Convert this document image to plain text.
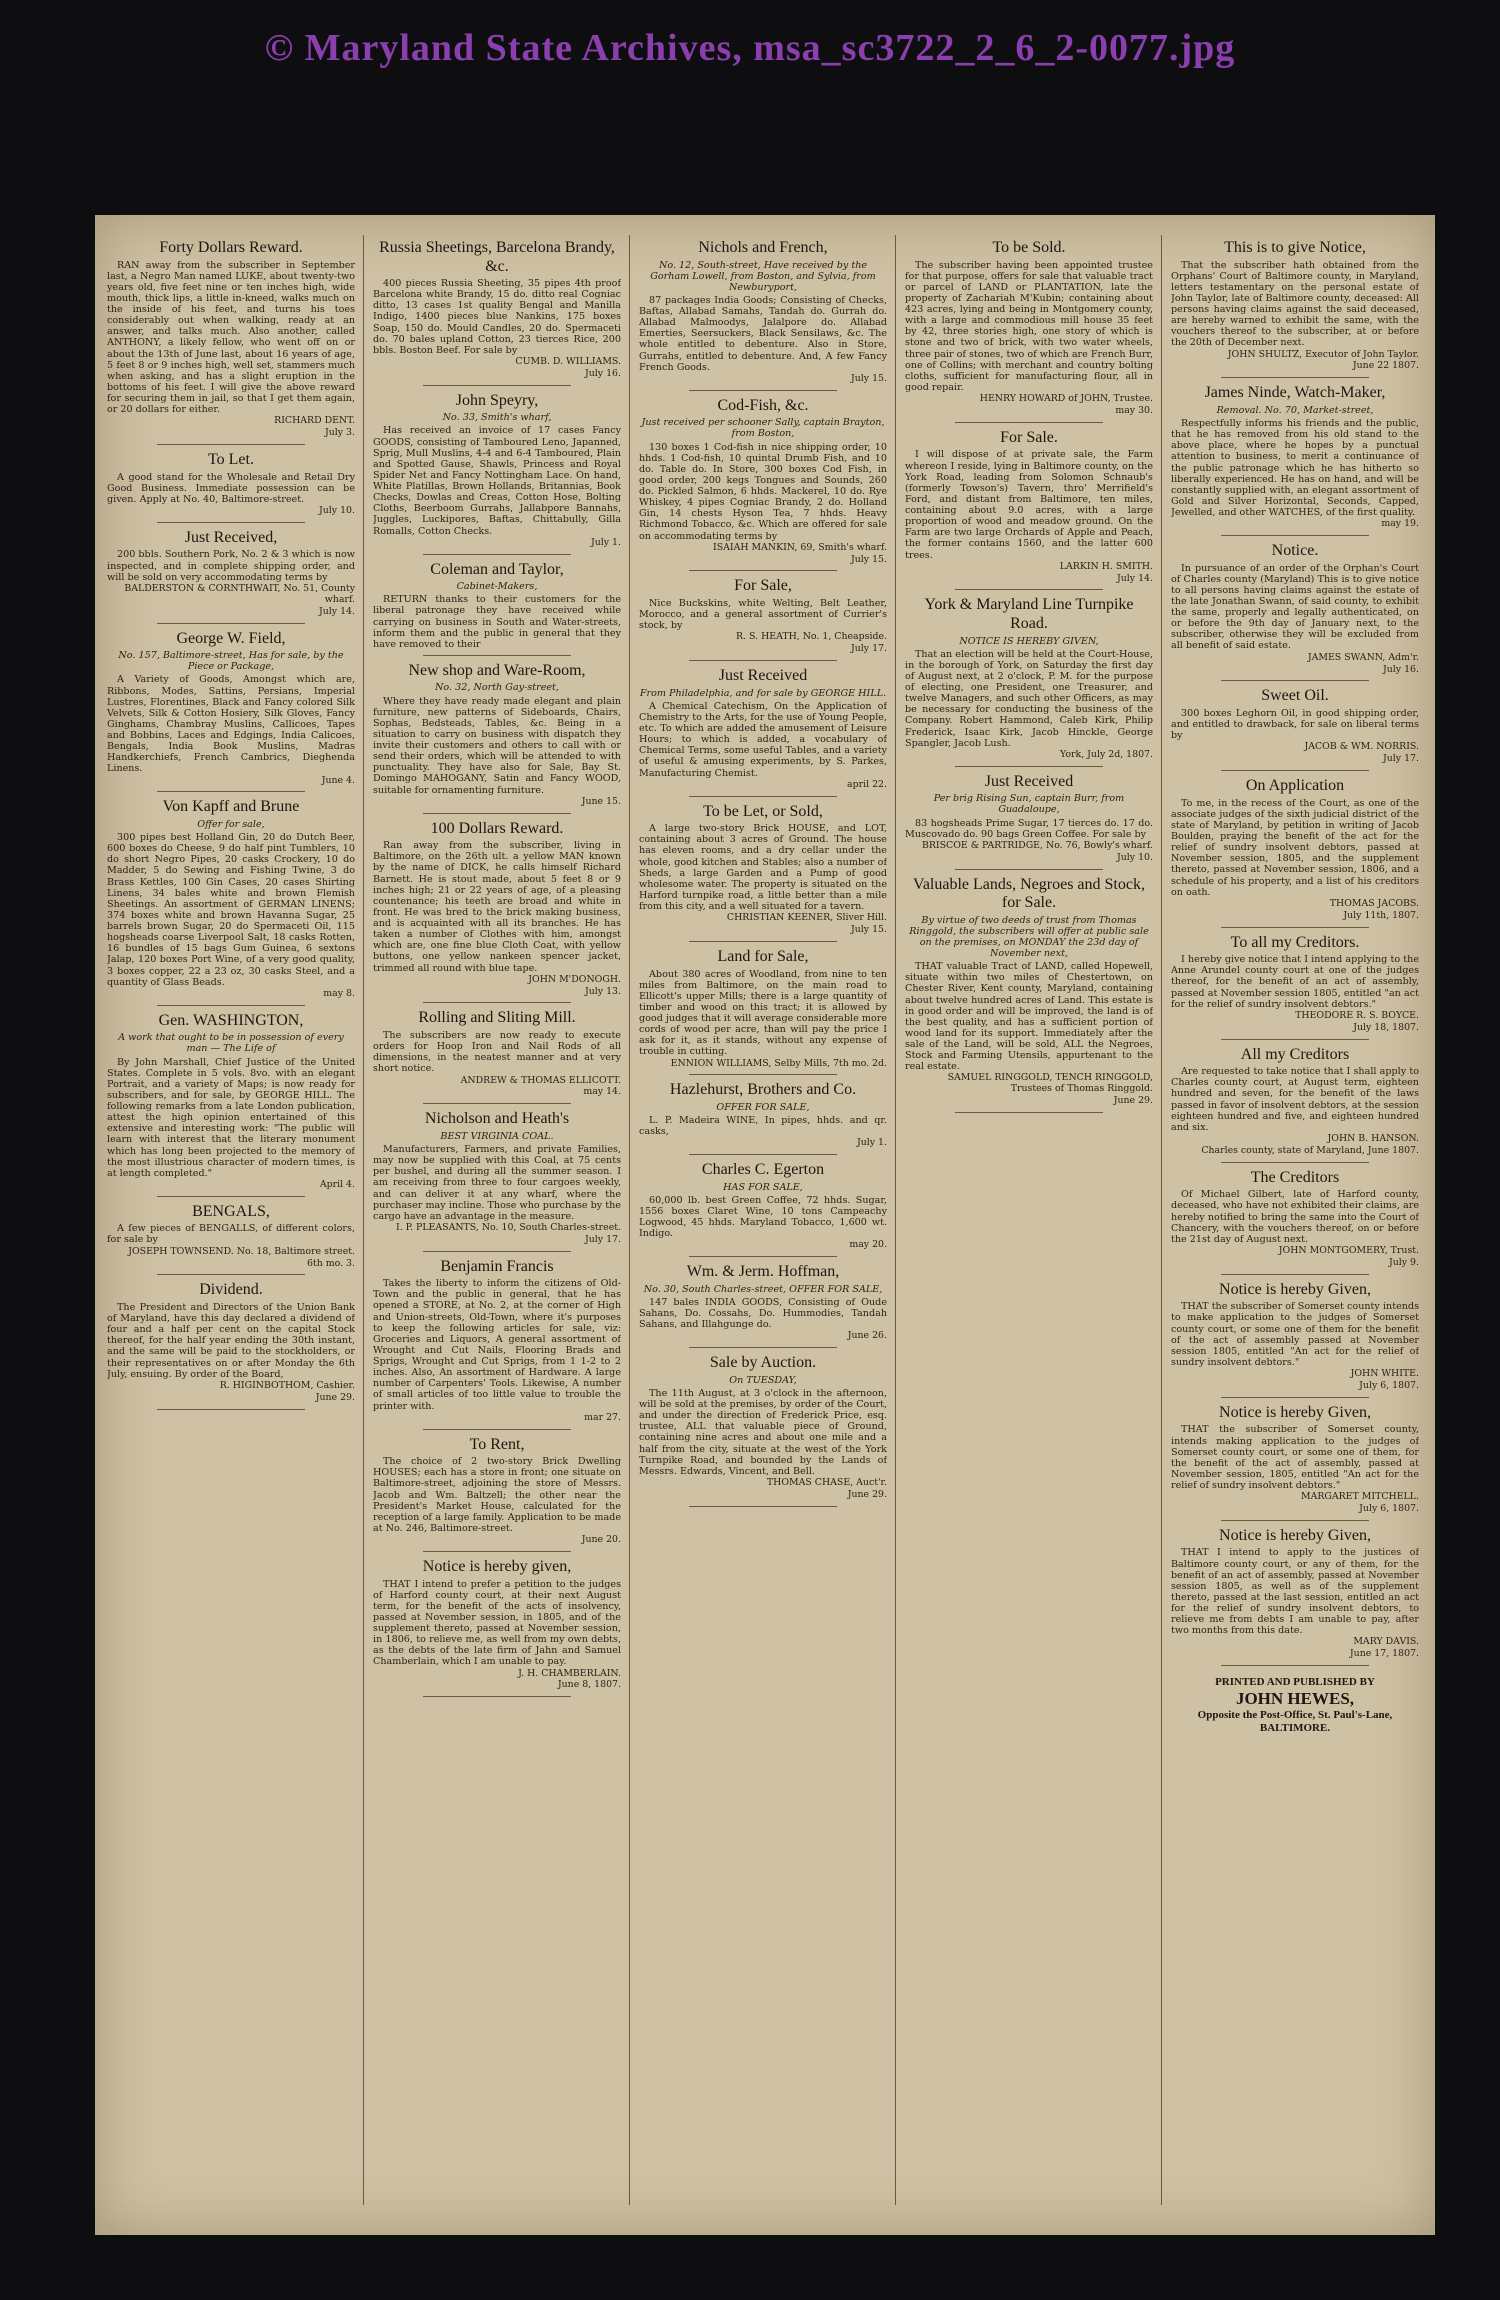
© Maryland State Archives, msa_sc3722_2_6_2-0077.jpg
Forty Dollars Reward.

RAN away from the subscriber in September last, a Negro Man named LUKE, about twenty-two years old, five feet nine or ten inches high, wide mouth, thick lips, a little in-kneed, walks much on the inside of his feet, and turns his toes considerably out when walking, ready at an answer, and talks much. Also another, called ANTHONY, a likely fellow, who went off on or about the 13th of June last, about 16 years of age, 5 feet 8 or 9 inches high, well set, stammers much when asking, and has a slight eruption in the bottoms of his feet. I will give the above reward for securing them in jail, so that I get them again, or 20 dollars for either.

RICHARD DENT.
July 3.
To Let.

A good stand for the Wholesale and Retail Dry Good Business. Immediate possession can be given. Apply at No. 40, Baltimore-street.

July 10.
Just Received,

200 bbls. Southern Pork, No. 2 & 3 which is now inspected, and in complete shipping order, and will be sold on very accommodating terms by

BALDERSTON & CORNTHWAIT, No. 51, County wharf.
July 14.
George W. Field,
No. 157, Baltimore-street, Has for sale, by the Piece or Package,

A Variety of Goods, Amongst which are, Ribbons, Modes, Sattins, Persians, Imperial Lustres, Florentines, Black and Fancy colored Silk Velvets, Silk & Cotton Hosiery, Silk Gloves, Fancy Ginghams, Chambray Muslins, Callicoes, Tapes and Bobbins, Laces and Edgings, India Calicoes, Bengals, India Book Muslins, Madras Handkerchiefs, French Cambrics, Dieghenda Linens.

June 4.
Von Kapff and Brune
Offer for sale,

300 pipes best Holland Gin, 20 do Dutch Beer, 600 boxes do Cheese, 9 do half pint Tumblers, 10 do short Negro Pipes, 20 casks Crockery, 10 do Madder, 5 do Sewing and Fishing Twine, 3 do Brass Kettles, 100 Gin Cases, 20 cases Shirting Linens, 34 bales white and brown Flemish Sheetings. An assortment of GERMAN LINENS; 374 boxes white and brown Havanna Sugar, 25 barrels brown Sugar, 20 do Spermaceti Oil, 115 hogsheads coarse Liverpool Salt, 18 casks Rotten, 16 bundles of 15 bags Gum Guinea, 6 sextons Jalap, 120 boxes Port Wine, of a very good quality, 3 boxes copper, 22 a 23 oz, 30 casks Steel, and a quantity of Glass Beads.

may 8.
Gen. WASHINGTON,
A work that ought to be in possession of every man — The Life of

By John Marshall, Chief Justice of the United States. Complete in 5 vols. 8vo. with an elegant Portrait, and a variety of Maps; is now ready for subscribers, and for sale, by GEORGE HILL. The following remarks from a late London publication, attest the high opinion entertained of this extensive and interesting work: "The public will learn with interest that the literary monument which has long been projected to the memory of the most illustrious character of modern times, is at length completed."

April 4.
BENGALS,

A few pieces of BENGALLS, of different colors, for sale by

JOSEPH TOWNSEND. No. 18, Baltimore street.
6th mo. 3.
Dividend.

The President and Directors of the Union Bank of Maryland, have this day declared a dividend of four and a half per cent on the capital Stock thereof, for the half year ending the 30th instant, and the same will be paid to the stockholders, or their representatives on or after Monday the 6th July, ensuing. By order of the Board,

R. HIGINBOTHOM, Cashier.
June 29.
Russia Sheetings, Barcelona Brandy, &c.

400 pieces Russia Sheeting, 35 pipes 4th proof Barcelona white Brandy, 15 do. ditto real Cogniac ditto, 13 cases 1st quality Bengal and Manilla Indigo, 1400 pieces blue Nankins, 175 boxes Soap, 150 do. Mould Candles, 20 do. Spermaceti do. 70 bales upland Cotton, 23 tierces Rice, 200 bbls. Boston Beef. For sale by

CUMB. D. WILLIAMS.
July 16.
John Speyry,
No. 33, Smith's wharf,

Has received an invoice of 17 cases Fancy GOODS, consisting of Tamboured Leno, Japanned, Sprig, Mull Muslins, 4-4 and 6-4 Tamboured, Plain and Spotted Gause, Shawls, Princess and Royal Spider Net and Fancy Nottingham Lace. On hand, White Platillas, Brown Hollands, Britannias, Book Checks, Dowlas and Creas, Cotton Hose, Bolting Cloths, Beerboom Gurrahs, Jallabpore Bannahs, Juggles, Luckipores, Baftas, Chittabully, Gilla Romalls, Cotton Checks.

July 1.
Coleman and Taylor,
Cabinet-Makers,

RETURN thanks to their customers for the liberal patronage they have received while carrying on business in South and Water-streets, inform them and the public in general that they have removed to their

New shop and Ware-Room,
No. 32, North Gay-street,

Where they have ready made elegant and plain furniture, new patterns of Sideboards, Chairs, Sophas, Bedsteads, Tables, &c. Being in a situation to carry on business with dispatch they invite their customers and others to call with or send their orders, which will be attended to with punctuality. They have also for Sale, Bay St. Domingo MAHOGANY, Satin and Fancy WOOD, suitable for ornamenting furniture.

June 15.
100 Dollars Reward.

Ran away from the subscriber, living in Baltimore, on the 26th ult. a yellow MAN known by the name of DICK, he calls himself Richard Barnett. He is stout made, about 5 feet 8 or 9 inches high; 21 or 22 years of age, of a pleasing countenance; his teeth are broad and white in front. He was bred to the brick making business, and is acquainted with all its branches. He has taken a number of Clothes with him, amongst which are, one fine blue Cloth Coat, with yellow buttons, one yellow nankeen spencer jacket, trimmed all round with blue tape.

JOHN M'DONOGH.
July 13.
Rolling and Sliting Mill.

The subscribers are now ready to execute orders for Hoop Iron and Nail Rods of all dimensions, in the neatest manner and at very short notice.

ANDREW & THOMAS ELLICOTT.
may 14.
Nicholson and Heath's
BEST VIRGINIA COAL.

Manufacturers, Farmers, and private Families, may now be supplied with this Coal, at 75 cents per bushel, and during all the summer season. I am receiving from three to four cargoes weekly, and can deliver it at any wharf, where the purchaser may incline. Those who purchase by the cargo have an advantage in the measure.

I. P. PLEASANTS, No. 10, South Charles-street.
July 17.
Benjamin Francis

Takes the liberty to inform the citizens of Old-Town and the public in general, that he has opened a STORE, at No. 2, at the corner of High and Union-streets, Old-Town, where it's purposes to keep the following articles for sale, viz: Groceries and Liquors, A general assortment of Wrought and Cut Nails, Flooring Brads and Sprigs, Wrought and Cut Sprigs, from 1 1-2 to 2 inches. Also, An assortment of Hardware. A large number of Carpenters' Tools. Likewise, A number of small articles of too little value to trouble the printer with.

mar 27.
To Rent,

The choice of 2 two-story Brick Dwelling HOUSES; each has a store in front; one situate on Baltimore-street, adjoining the store of Messrs. Jacob and Wm. Baltzell; the other near the President's Market House, calculated for the reception of a large family. Application to be made at No. 246, Baltimore-street.

June 20.
Notice is hereby given,

THAT I intend to prefer a petition to the judges of Harford county court, at their next August term, for the benefit of the acts of insolvency, passed at November session, in 1805, and of the supplement thereto, passed at November session, in 1806, to relieve me, as well from my own debts, as the debts of the late firm of Jahn and Samuel Chamberlain, which I am unable to pay.

J. H. CHAMBERLAIN.
June 8, 1807.
Nichols and French,
No. 12, South-street, Have received by the Gorham Lowell, from Boston, and Sylvia, from Newburyport,

87 packages India Goods; Consisting of Checks, Baftas, Allabad Samahs, Tandah do. Gurrah do. Allabad Malmoodys, Jalalpore do. Allabad Emerties, Seersuckers, Black Sensilaws, &c. The whole entitled to debenture. Also in Store, Gurrahs, entitled to debenture. And, A few Fancy French Goods.

July 15.
Cod-Fish, &c.
Just received per schooner Sally, captain Brayton, from Boston,

130 boxes 1 Cod-fish in nice shipping order, 10 hhds. 1 Cod-fish, 10 quintal Drumb Fish, and 10 do. Table do. In Store, 300 boxes Cod Fish, in good order, 200 kegs Tongues and Sounds, 260 do. Pickled Salmon, 6 hhds. Mackerel, 10 do. Rye Whiskey, 4 pipes Cogniac Brandy, 2 do. Holland Gin, 14 chests Hyson Tea, 7 hhds. Heavy Richmond Tobacco, &c. Which are offered for sale on accommodating terms by

ISAIAH MANKIN, 69, Smith's wharf.
July 15.
For Sale,

Nice Buckskins, white Welting, Belt Leather, Morocco, and a general assortment of Currier's stock, by

R. S. HEATH, No. 1, Cheapside.
July 17.
Just Received
From Philadelphia, and for sale by GEORGE HILL.

A Chemical Catechism, On the Application of Chemistry to the Arts, for the use of Young People, etc. To which are added the amusement of Leisure Hours; to which is added, a vocabulary of Chemical Terms, some useful Tables, and a variety of useful & amusing experiments, by S. Parkes, Manufacturing Chemist.

april 22.
To be Let, or Sold,

A large two-story Brick HOUSE, and LOT, containing about 3 acres of Ground. The house has eleven rooms, and a dry cellar under the whole, good kitchen and Stables; also a number of Sheds, a large Garden and a Pump of good wholesome water. The property is situated on the Harford turnpike road, a little better than a mile from this city, and a well situated for a tavern.

CHRISTIAN KEENER, Sliver Hill.
July 15.
Land for Sale,

About 380 acres of Woodland, from nine to ten miles from Baltimore, on the main road to Ellicott's upper Mills; there is a large quantity of timber and wood on this tract; it is allowed by good judges that it will average considerable more cords of wood per acre, than will pay the price I ask for it, as it stands, without any expense of trouble in cutting.

ENNION WILLIAMS, Selby Mills, 7th mo. 2d.
Hazlehurst, Brothers and Co.
OFFER FOR SALE,

L. P. Madeira WINE, In pipes, hhds. and qr. casks,

July 1.
Charles C. Egerton
HAS FOR SALE,

60,000 lb. best Green Coffee, 72 hhds. Sugar, 1556 boxes Claret Wine, 10 tons Campeachy Logwood, 45 hhds. Maryland Tobacco, 1,600 wt. Indigo.

may 20.
Wm. & Jerm. Hoffman,
No. 30, South Charles-street, OFFER FOR SALE,

147 bales INDIA GOODS, Consisting of Oude Sahans, Do. Cossahs, Do. Hummodies, Tandah Sahans, and Illahgunge do.

June 26.
Sale by Auction.
On TUESDAY,

The 11th August, at 3 o'clock in the afternoon, will be sold at the premises, by order of the Court, and under the direction of Frederick Price, esq. trustee, ALL that valuable piece of Ground, containing nine acres and about one mile and a half from the city, situate at the west of the York Turnpike Road, and bounded by the Lands of Messrs. Edwards, Vincent, and Bell.

THOMAS CHASE, Auct'r.
June 29.
To be Sold.

The subscriber having been appointed trustee for that purpose, offers for sale that valuable tract or parcel of LAND or PLANTATION, late the property of Zachariah M'Kubin; containing about 423 acres, lying and being in Montgomery county, with a large and commodious mill house 35 feet by 42, three stories high, one story of which is stone and two of brick, with two water wheels, three pair of stones, two of which are French Burr, one of Collins; with merchant and country bolting cloths, sufficient for manufacturing flour, all in good repair.

HENRY HOWARD of JOHN, Trustee.
may 30.
For Sale.

I will dispose of at private sale, the Farm whereon I reside, lying in Baltimore county, on the York Road, leading from Solomon Schnaub's (formerly Towson's) Tavern, thro' Merrifield's Ford, and distant from Baltimore, ten miles, containing about 9.0 acres, with a large proportion of wood and meadow ground. On the Farm are two large Orchards of Apple and Peach, the former contains 1560, and the latter 600 trees.

LARKIN H. SMITH.
July 14.
York & Maryland Line Turnpike Road.
NOTICE IS HEREBY GIVEN,

That an election will be held at the Court-House, in the borough of York, on Saturday the first day of August next, at 2 o'clock, P. M. for the purpose of electing, one President, one Treasurer, and twelve Managers, and such other Officers, as may be necessary for conducting the business of the Company. Robert Hammond, Caleb Kirk, Philip Frederick, Isaac Kirk, Jacob Hinckle, George Spangler, Jacob Lush.

York, July 2d, 1807.
Just Received
Per brig Rising Sun, captain Burr, from Guadaloupe,

83 hogsheads Prime Sugar, 17 tierces do. 17 do. Muscovado do. 90 bags Green Coffee. For sale by

BRISCOE & PARTRIDGE, No. 76, Bowly's wharf.
July 10.
Valuable Lands, Negroes and Stock, for Sale.
By virtue of two deeds of trust from Thomas Ringgold, the subscribers will offer at public sale on the premises, on MONDAY the 23d day of November next,

THAT valuable Tract of LAND, called Hopewell, situate within two miles of Chestertown, on Chester River, Kent county, Maryland, containing about twelve hundred acres of Land. This estate is in good order and will be improved, the land is of the best quality, and has a sufficient portion of wood land for its support. Immediately after the sale of the Land, will be sold, ALL the Negroes, Stock and Farming Utensils, appurtenant to the real estate.

SAMUEL RINGGOLD, TENCH RINGGOLD, Trustees of Thomas Ringgold.
June 29.
This is to give Notice,

That the subscriber hath obtained from the Orphans' Court of Baltimore county, in Maryland, letters testamentary on the personal estate of John Taylor, late of Baltimore county, deceased: All persons having claims against the said deceased, are hereby warned to exhibit the same, with the vouchers thereof to the subscriber, at or before the 20th of December next.

JOHN SHULTZ, Executor of John Taylor.
June 22 1807.
James Ninde, Watch-Maker,
Removal. No. 70, Market-street,

Respectfully informs his friends and the public, that he has removed from his old stand to the above place, where he hopes by a punctual attention to business, to merit a continuance of the public patronage which he has hitherto so liberally experienced. He has on hand, and will be constantly supplied with, an elegant assortment of Gold and Silver Horizontal, Seconds, Capped, Jewelled, and other WATCHES, of the first quality.

may 19.
Notice.

In pursuance of an order of the Orphan's Court of Charles county (Maryland) This is to give notice to all persons having claims against the estate of the late Jonathan Swann, of said county, to exhibit the same, properly and legally authenticated, on or before the 9th day of January next, to the subscriber, otherwise they will be excluded from all benefit of said estate.

JAMES SWANN, Adm'r.
July 16.
Sweet Oil.

300 boxes Leghorn Oil, in good shipping order, and entitled to drawback, for sale on liberal terms by

JACOB & WM. NORRIS.
July 17.
On Application

To me, in the recess of the Court, as one of the associate judges of the sixth judicial district of the state of Maryland, by petition in writing of Jacob Boulden, praying the benefit of the act for the relief of sundry insolvent debtors, passed at November session, 1805, and the supplement thereto, passed at November session, 1806, and a schedule of his property, and a list of his creditors on oath.

THOMAS JACOBS.
July 11th, 1807.
To all my Creditors.

I hereby give notice that I intend applying to the Anne Arundel county court at one of the judges thereof, for the benefit of an act of assembly, passed at November session 1805, entitled "an act for the relief of sundry insolvent debtors."

THEODORE R. S. BOYCE.
July 18, 1807.
All my Creditors

Are requested to take notice that I shall apply to Charles county court, at August term, eighteen hundred and seven, for the benefit of the laws passed in favor of insolvent debtors, at the session eighteen hundred and five, and eighteen hundred and six.

JOHN B. HANSON.
Charles county, state of Maryland, June 1807.
The Creditors

Of Michael Gilbert, late of Harford county, deceased, who have not exhibited their claims, are hereby notified to bring the same into the Court of Chancery, with the vouchers thereof, on or before the 21st day of August next.

JOHN MONTGOMERY, Trust.
July 9.
Notice is hereby Given,

THAT the subscriber of Somerset county intends to make application to the judges of Somerset county court, or some one of them for the benefit of the act of assembly passed at November session 1805, entitled "An act for the relief of sundry insolvent debtors."

JOHN WHITE.
July 6, 1807.
Notice is hereby Given,

THAT the subscriber of Somerset county, intends making application to the judges of Somerset county court, or some one of them, for the benefit of the act of assembly, passed at November session, 1805, entitled "An act for the relief of sundry insolvent debtors."

MARGARET MITCHELL.
July 6, 1807.
Notice is hereby Given,

THAT I intend to apply to the justices of Baltimore county court, or any of them, for the benefit of an act of assembly, passed at November session 1805, as well as of the supplement thereto, passed at the last session, entitled an act for the relief of sundry insolvent debtors, to relieve me from debts I am unable to pay, after two months from this date.

MARY DAVIS.
June 17, 1807.
PRINTED AND PUBLISHED BY
JOHN HEWES,
Opposite the Post-Office, St. Paul's-Lane, BALTIMORE.
